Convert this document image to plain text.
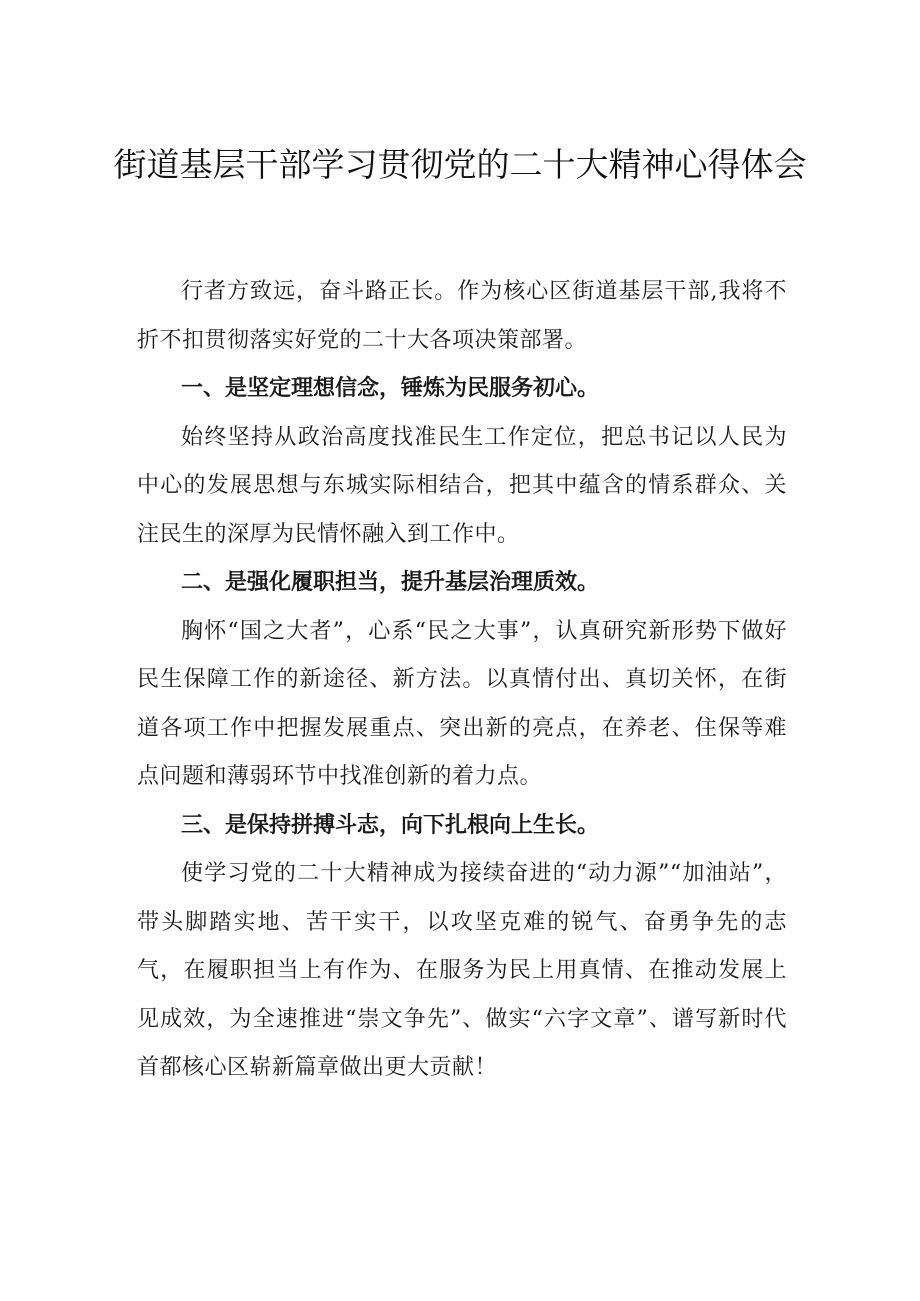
街道基层干部学习贯彻党的二十大精神心得体会

行者方致远，奋斗路正长。作为核心区街道基层干部,我将不折不扣贯彻落实好党的二十大各项决策部署。

一、是坚定理想信念，锤炼为民服务初心。

始终坚持从政治高度找准民生工作定位，把总书记以人民为中心的发展思想与东城实际相结合，把其中蕴含的情系群众、关注民生的深厚为民情怀融入到工作中。

二、是强化履职担当，提升基层治理质效。

胸怀“国之大者”，心系“民之大事”，认真研究新形势下做好民生保障工作的新途径、新方法。以真情付出、真切关怀，在街道各项工作中把握发展重点、突出新的亮点，在养老、住保等难点问题和薄弱环节中找准创新的着力点。

三、是保持拼搏斗志，向下扎根向上生长。

使学习党的二十大精神成为接续奋进的“动力源”“加油站”，带头脚踏实地、苦干实干，以攻坚克难的锐气、奋勇争先的志气，在履职担当上有作为、在服务为民上用真情、在推动发展上见成效，为全速推进“崇文争先”、做实“六字文章”、谱写新时代首都核心区崭新篇章做出更大贡献！
